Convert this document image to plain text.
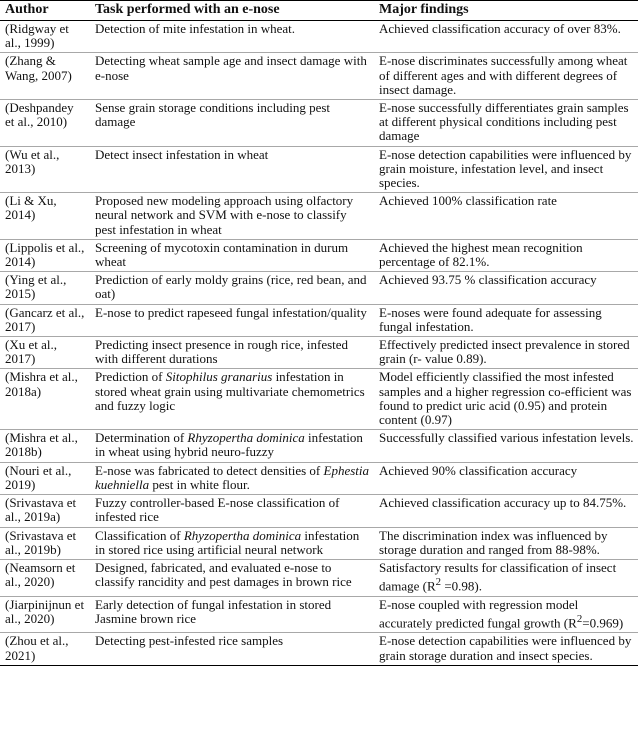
Author	Task performed with an e-nose	Major findings
(Ridgway et al., 1999)	Detection of mite infestation in wheat.	Achieved classification accuracy of over 83%.
(Zhang & Wang, 2007)	Detecting wheat sample age and insect damage with e-nose	E-nose discriminates successfully among wheat of different ages and with different degrees of insect damage.
(Deshpandey et al., 2010)	Sense grain storage conditions including pest damage	E-nose successfully differentiates grain samples at different physical conditions including pest damage
(Wu et al., 2013)	Detect insect infestation in wheat	E-nose detection capabilities were influenced by grain moisture, infestation level, and insect species.
(Li & Xu, 2014)	Proposed new modeling approach using olfactory neural network and SVM with e-nose to classify pest infestation in wheat	Achieved 100% classification rate
(Lippolis et al., 2014)	Screening of mycotoxin contamination in durum wheat	Achieved the highest mean recognition percentage of 82.1%.
(Ying et al., 2015)	Prediction of early moldy grains (rice, red bean, and oat)	Achieved 93.75 % classification accuracy
(Gancarz et al., 2017)	E-nose to predict rapeseed fungal infestation/quality	E-noses were found adequate for assessing fungal infestation.
(Xu et al., 2017)	Predicting insect presence in rough rice, infested with different durations	Effectively predicted insect prevalence in stored grain (r- value 0.89).
(Mishra et al., 2018a)	Prediction of Sitophilus granarius infestation in stored wheat grain using multivariate chemometrics and fuzzy logic	Model efficiently classified the most infested samples and a higher regression co-efficient was found to predict uric acid (0.95) and protein content (0.97)
(Mishra et al., 2018b)	Determination of Rhyzopertha dominica infestation in wheat using hybrid neuro-fuzzy	Successfully classified various infestation levels.
(Nouri et al., 2019)	E-nose was fabricated to detect densities of Ephestia kuehniella pest in white flour.	Achieved 90% classification accuracy
(Srivastava et al., 2019a)	Fuzzy controller-based E-nose classification of infested rice	Achieved classification accuracy up to 84.75%.
(Srivastava et al., 2019b)	Classification of Rhyzopertha dominica infestation in stored rice using artificial neural network	The discrimination index was influenced by storage duration and ranged from 88-98%.
(Neamsorn et al., 2020)	Designed, fabricated, and evaluated e-nose to classify rancidity and pest damages in brown rice	Satisfactory results for classification of insect damage $(R^2 =0.98)$.
(Jiarpinijnun et al., 2020)	Early detection of fungal infestation in stored Jasmine brown rice	E-nose coupled with regression model accurately predicted fungal growth $(R^2=0.969)$
(Zhou et al., 2021)	Detecting pest-infested rice samples	E-nose detection capabilities were influenced by grain storage duration and insect species.
